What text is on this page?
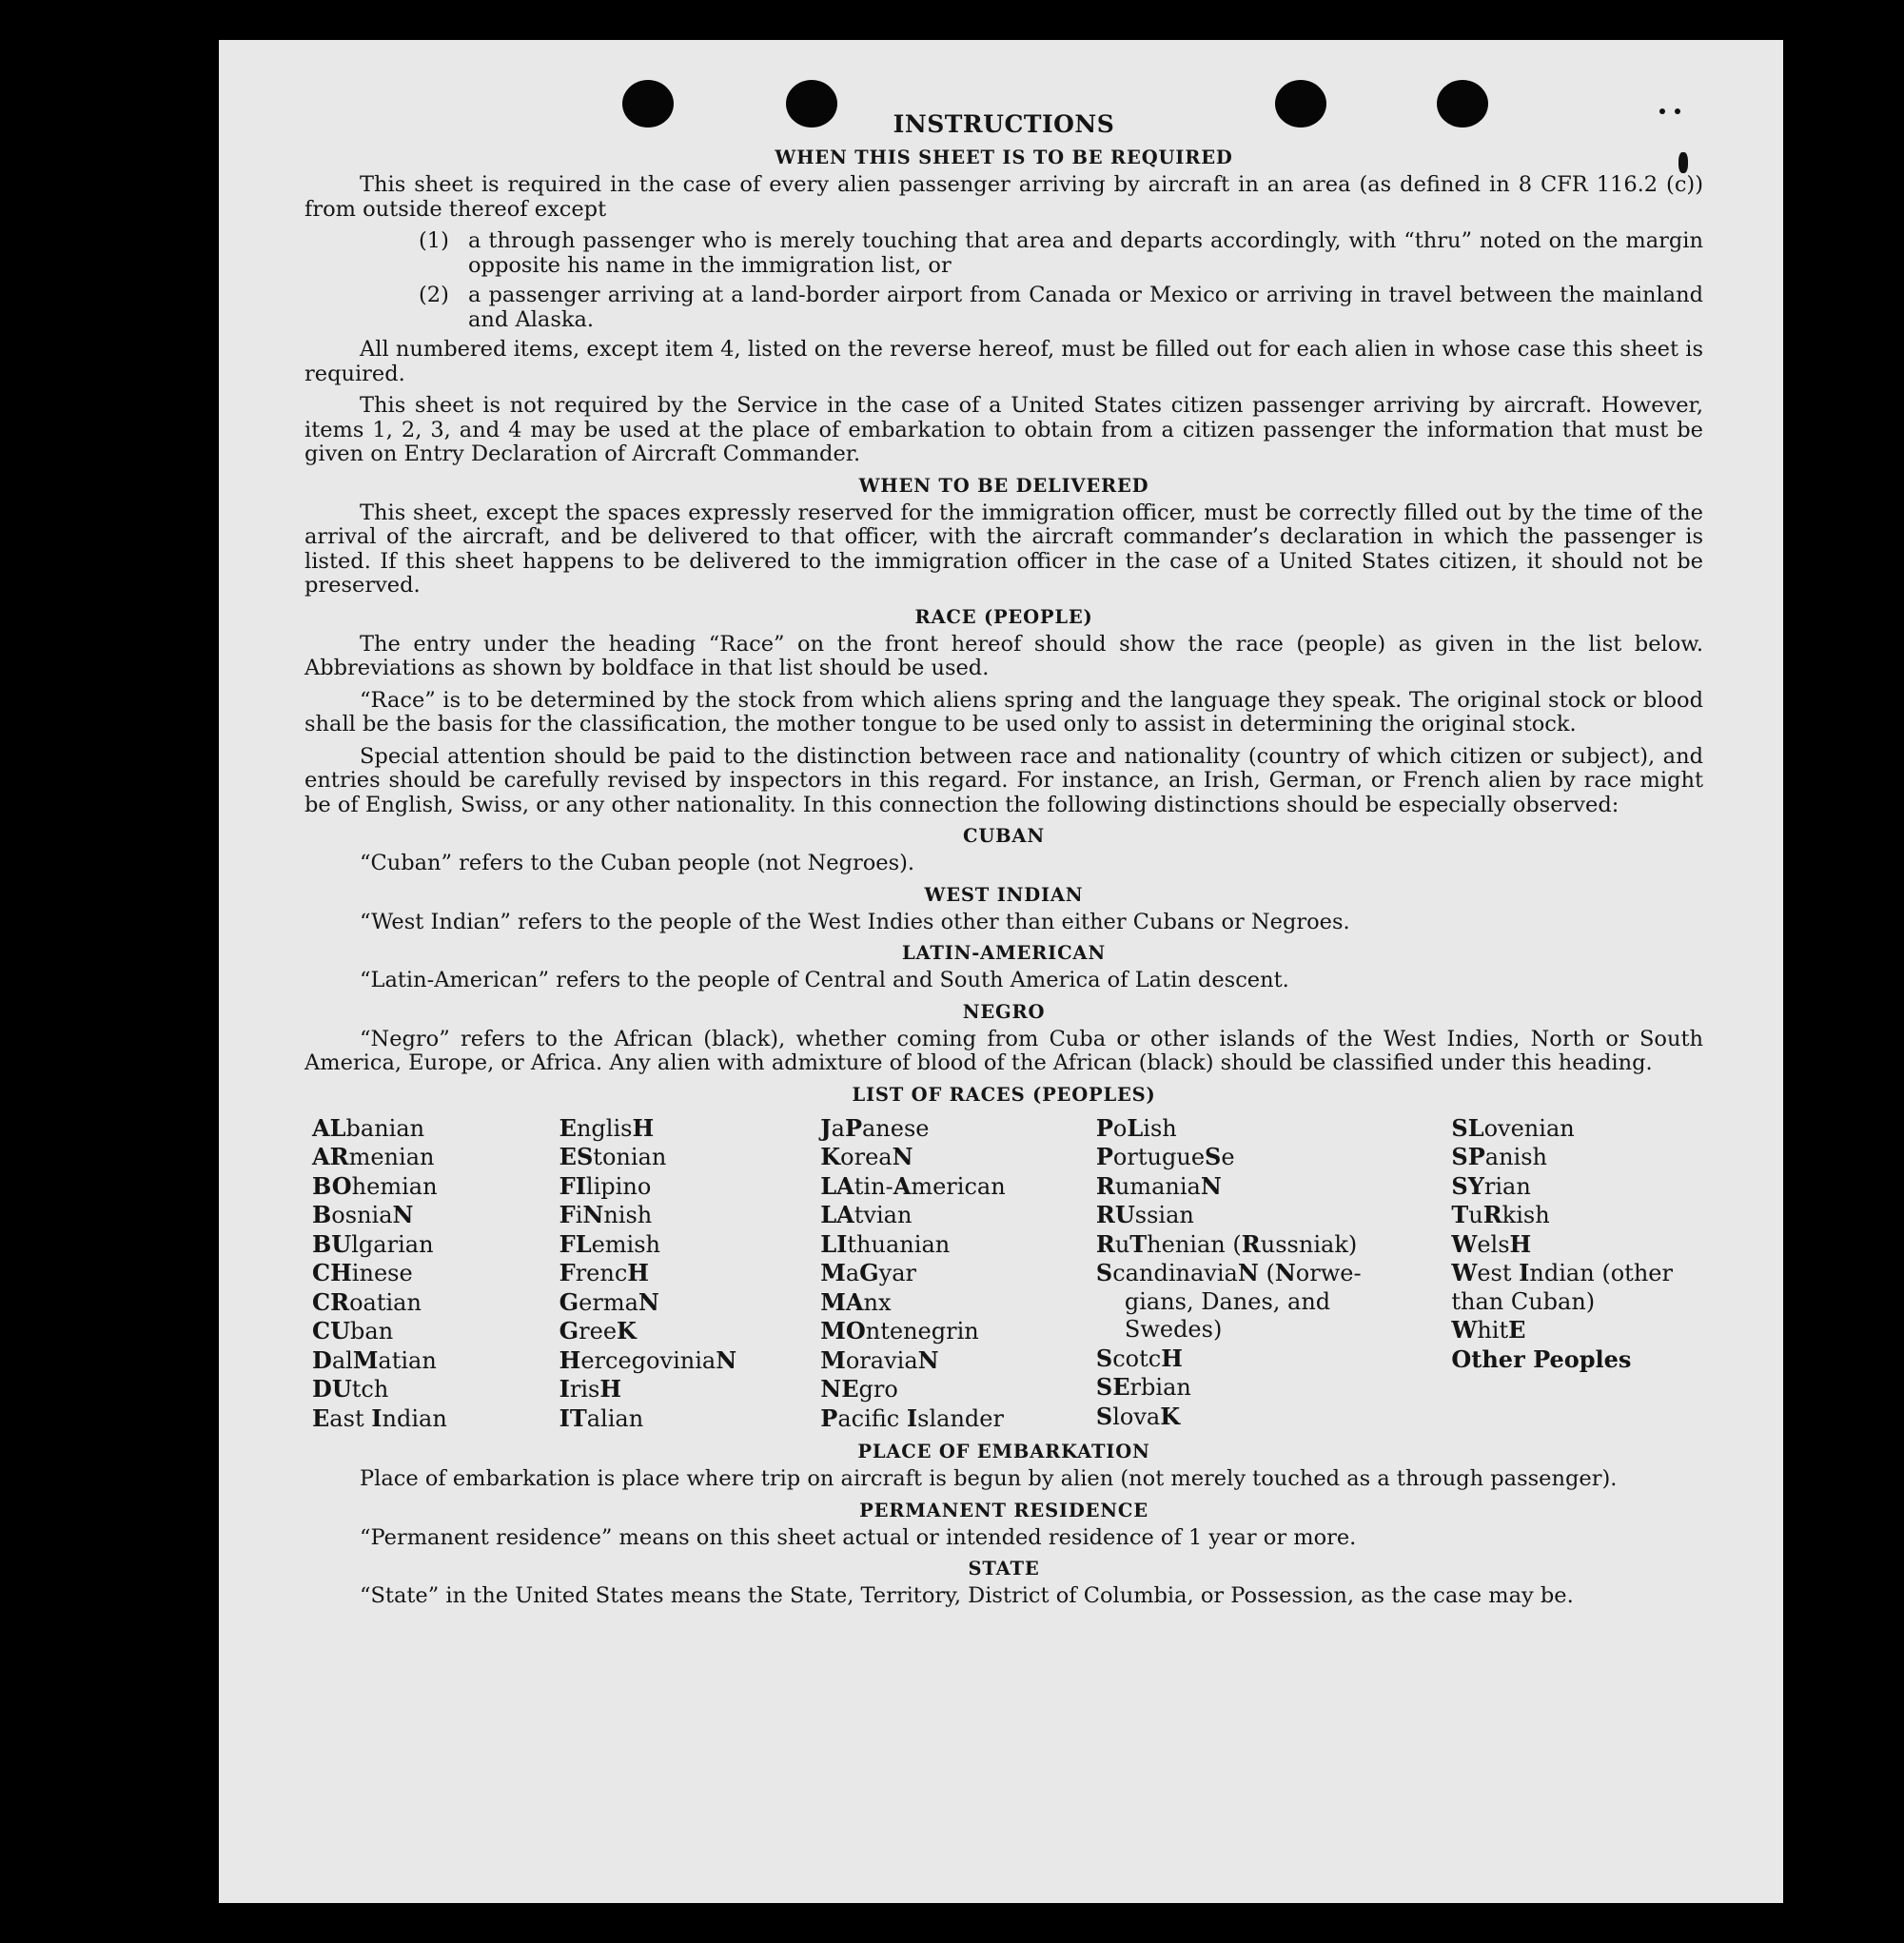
INSTRUCTIONS
WHEN THIS SHEET IS TO BE REQUIRED
This sheet is required in the case of every alien passenger arriving by aircraft in an area (as defined in 8 CFR 116.2 (c)) from outside thereof except
(1) a through passenger who is merely touching that area and departs accordingly, with “thru” noted on the margin opposite his name in the immigration list, or
(2) a passenger arriving at a land-border airport from Canada or Mexico or arriving in travel between the mainland and Alaska.
All numbered items, except item 4, listed on the reverse hereof, must be filled out for each alien in whose case this sheet is required.
This sheet is not required by the Service in the case of a United States citizen passenger arriving by aircraft. However, items 1, 2, 3, and 4 may be used at the place of embarkation to obtain from a citizen passenger the information that must be given on Entry Declaration of Aircraft Commander.
WHEN TO BE DELIVERED
This sheet, except the spaces expressly reserved for the immigration officer, must be correctly filled out by the time of the arrival of the aircraft, and be delivered to that officer, with the aircraft commander’s declaration in which the passenger is listed. If this sheet happens to be delivered to the immigration officer in the case of a United States citizen, it should not be preserved.
RACE (PEOPLE)
The entry under the heading “Race” on the front hereof should show the race (people) as given in the list below. Abbreviations as shown by boldface in that list should be used.
“Race” is to be determined by the stock from which aliens spring and the language they speak. The original stock or blood shall be the basis for the classification, the mother tongue to be used only to assist in determining the original stock.
Special attention should be paid to the distinction between race and nationality (country of which citizen or subject), and entries should be carefully revised by inspectors in this regard. For instance, an Irish, German, or French alien by race might be of English, Swiss, or any other nationality. In this connection the following distinctions should be especially observed:
CUBAN
“Cuban” refers to the Cuban people (not Negroes).
WEST INDIAN
“West Indian” refers to the people of the West Indies other than either Cubans or Negroes.
LATIN-AMERICAN
“Latin-American” refers to the people of Central and South America of Latin descent.
NEGRO
“Negro” refers to the African (black), whether coming from Cuba or other islands of the West Indies, North or South America, Europe, or Africa. Any alien with admixture of blood of the African (black) should be classified under this heading.
LIST OF RACES (PEOPLES)
ALbanian
ARmenian
BOhemian
BosniaN
BUlgarian
CHinese
CRoatian
CUban
DalMatian
DUtch
East Indian
EnglisH
EStonian
FIlipino
FiNnish
FLemish
FrencH
GermaN
GreeK
HercegoviniaN
IrisH
ITalian
JaPanese
KoreaN
LAtin-American
LAtvian
LIthuanian
MaGyar
MAnx
MOntenegrin
MoraviaN
NEgro
Pacifc Islander
PoLish
PortugueSe
RumaniaN
RUssian
RuThenian (Russniak)
ScandinaviaN (Norwe-
gians, Danes, and
Swedes)
ScotcH
SErbian
SlovaK
SLovenian
SPanish
SYrian
TuRkish
WelsH
West Indian (other
than Cuban)
WhitE
Other Peoples
PLACE OF EMBARKATION
Place of embarkation is place where trip on aircraft is begun by alien (not merely touched as a through passenger).
PERMANENT RESIDENCE
“Permanent residence” means on this sheet actual or intended residence of 1 year or more.
STATE
“State” in the United States means the State, Territory, District of Columbia, or Possession, as the case may be.
